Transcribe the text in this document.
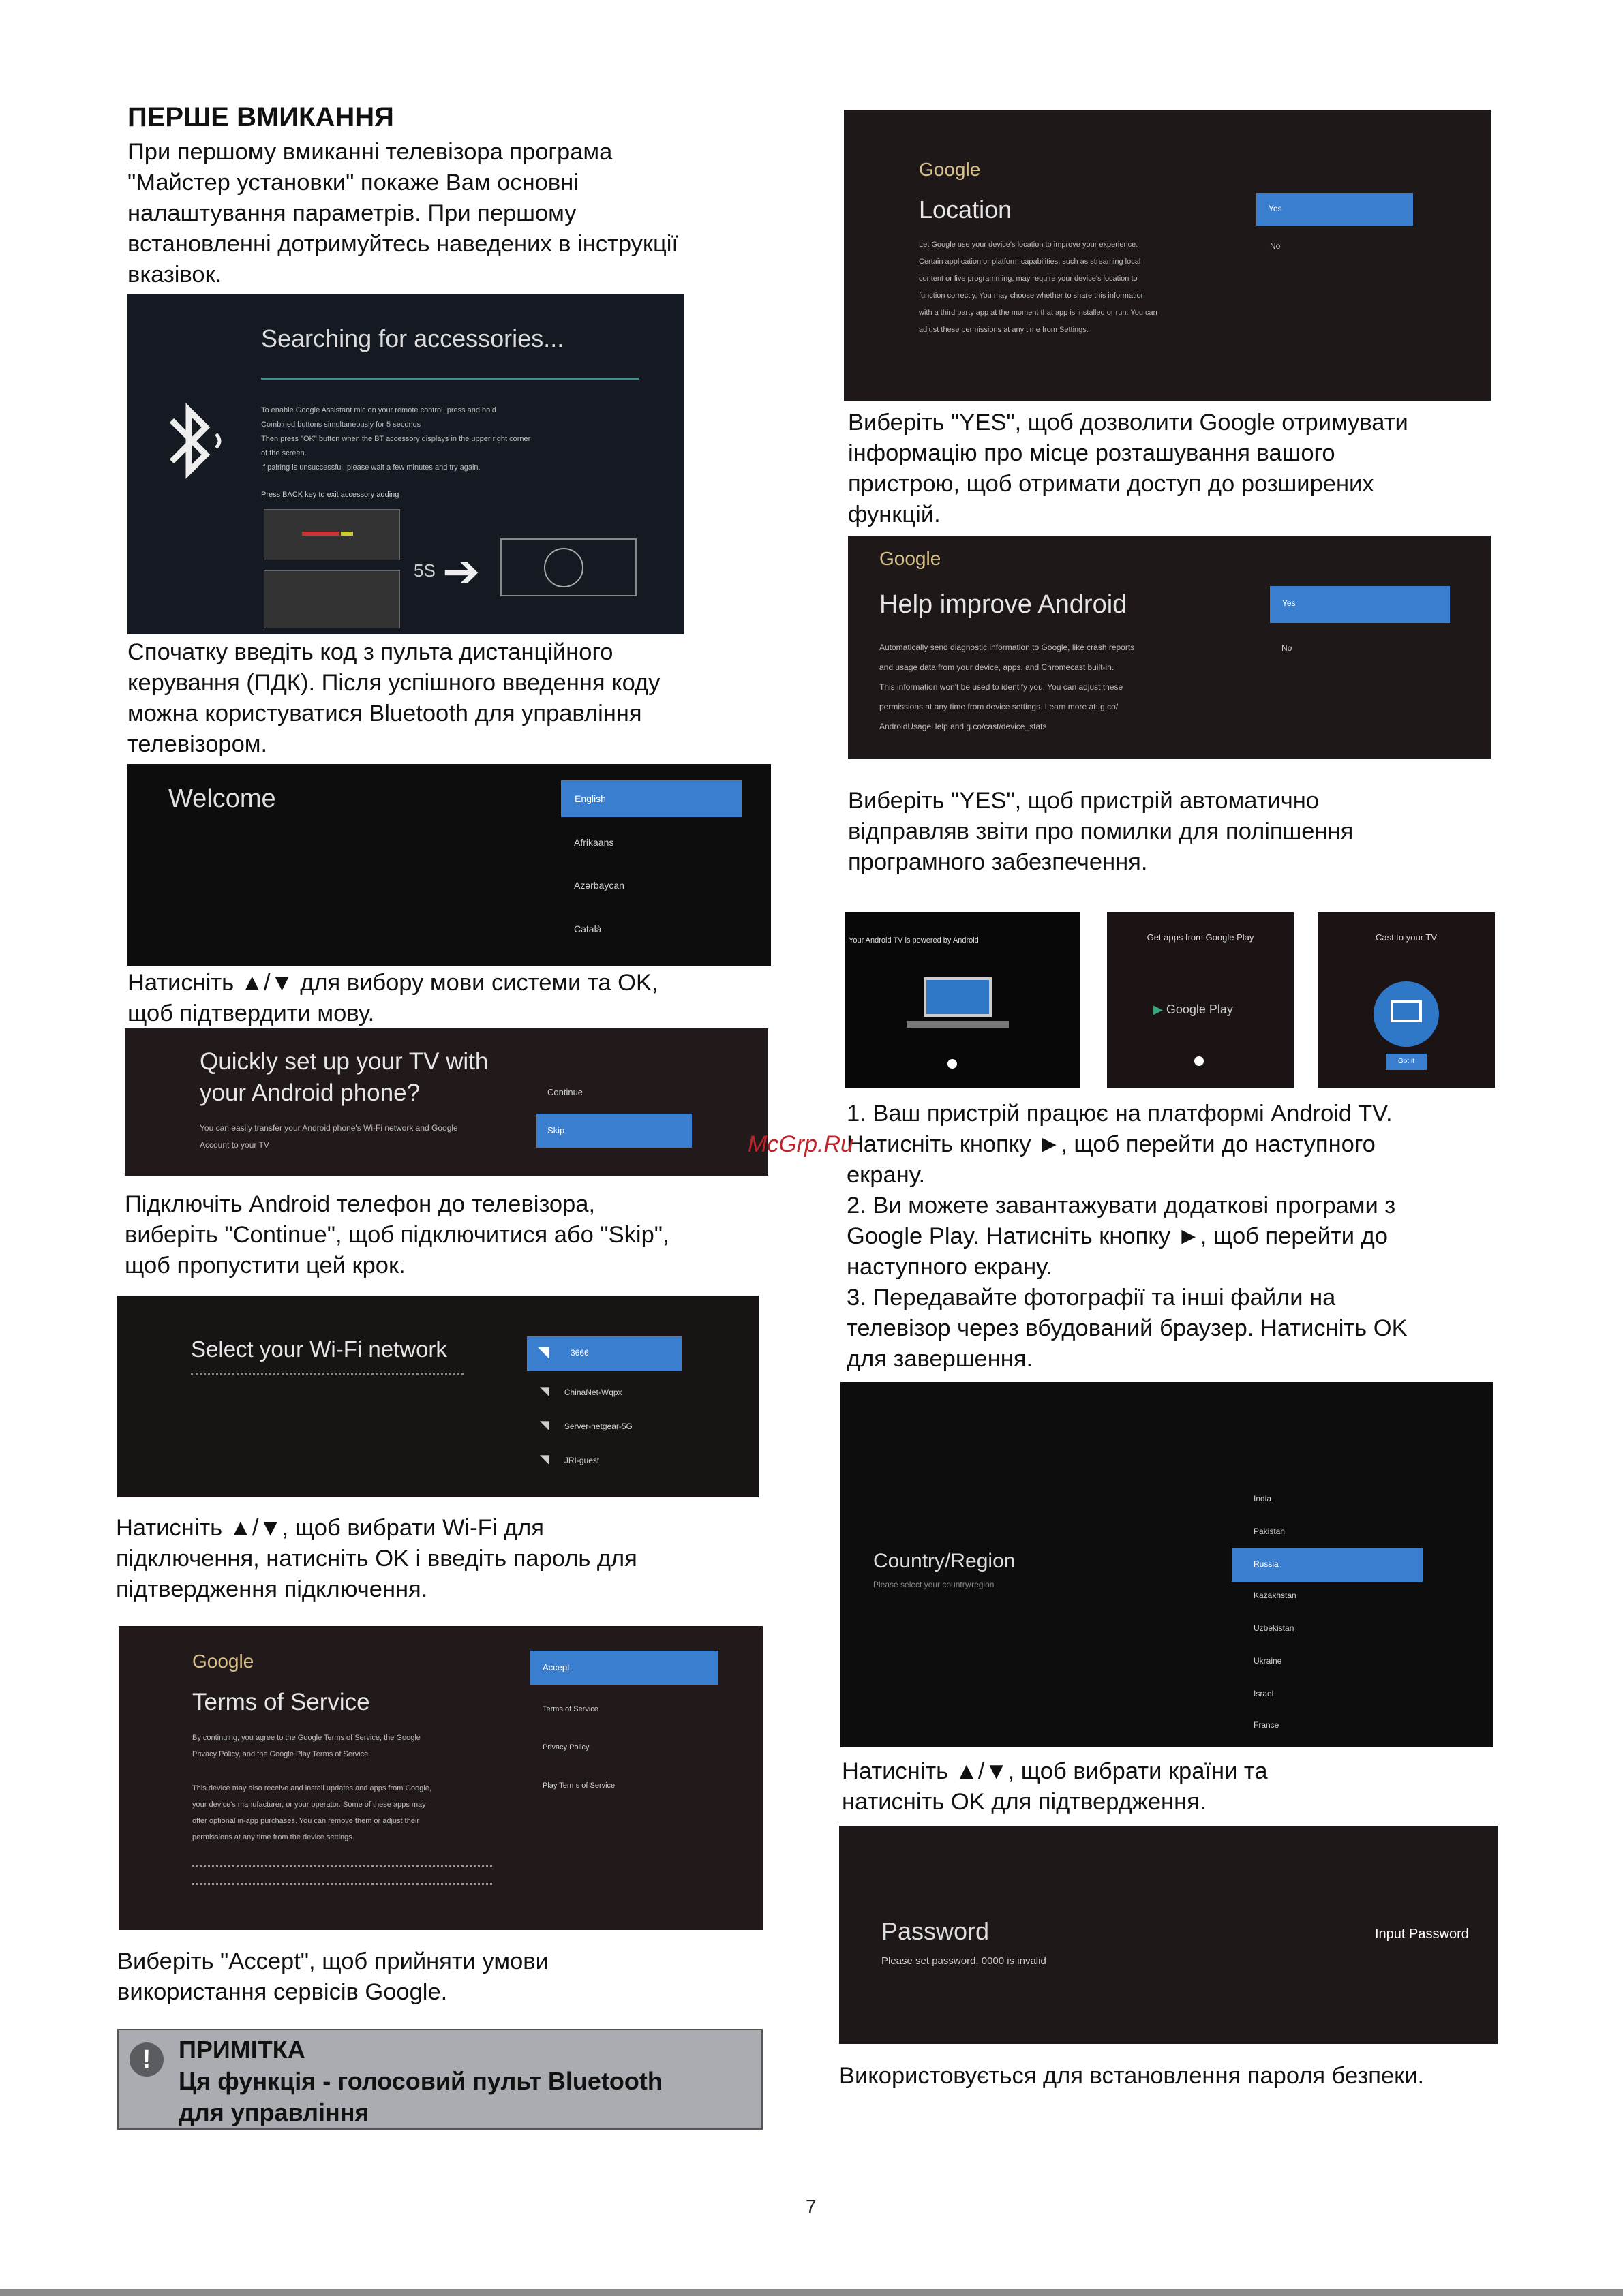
ПЕРШЕ ВМИКАННЯ
При першому вмиканні телевізора програма
"Майстер установки" покаже Вам основні
налаштування параметрів. При першому
встановленні дотримуйтесь наведених в інструкції
вказівок.
Searching for accessories...
To enable Google Assistant mic on your remote control, press and hold
Combined buttons simultaneously for 5 seconds
Then press "OK" button when the BT accessory displays in the upper right corner
of the screen.
If pairing is unsuccessful, please wait a few minutes and try again.
Press BACK key to exit accessory adding
5S ➔
Спочатку введіть код з пульта дистанційного
керування (ПДК). Після успішного введення коду
можна користуватися Bluetooth для управління
телевізором.
Welcome	English
Afrikaans
Azərbaycan
Català
Натисніть ▲/▼ для вибору мови системи та OK,
щоб підтвердити мову.
Quickly set up your TV with
your Android phone?
You can easily transfer your Android phone's Wi-Fi network and Google
Account to your TV
Continue
Skip
Підключіть Android телефон до телевізора,
виберіть "Continue", щоб підключитися або "Skip",
щоб пропустити цей крок.
Select your Wi-Fi network	◥	3666
◥ ChinaNet-Wqpx
◥ Server-netgear-5G
◥ JRI-guest
Натисніть ▲/▼, щоб вибрати Wi-Fi для
підключення, натисніть OK і введіть пароль для
підтвердження підключення.
Google
Terms of Service
By continuing, you agree to the Google Terms of Service, the Google
Privacy Policy, and the Google Play Terms of Service.
This device may also receive and install updates and apps from Google,
your device's manufacturer, or your operator. Some of these apps may
offer optional in-app purchases. You can remove them or adjust their
permissions at any time from the device settings.
Accept
Terms of Service
Privacy Policy
Play Terms of Service
Виберіть "Accept", щоб прийняти умови
використання сервісів Google.
!	ПРИМІТКА
Ця функція - голосовий пульт Bluetooth
для управління
Google
Location
Let Google use your device's location to improve your experience.
Certain application or platform capabilities, such as streaming local
content or live programming, may require your device's location to
function correctly. You may choose whether to share this information
with a third party app at the moment that app is installed or run. You can
adjust these permissions at any time from Settings.
Yes
No
Виберіть "YES", щоб дозволити Google отримувати
інформацію про місце розташування вашого
пристрою, щоб отримати доступ до розширених
функцій.
Google
Help improve Android
Automatically send diagnostic information to Google, like crash reports
and usage data from your device, apps, and Chromecast built-in.
This information won't be used to identify you. You can adjust these
permissions at any time from device settings. Learn more at: g.co/
AndroidUsageHelp and g.co/cast/device_stats
Yes
No
Виберіть "YES", щоб пристрій автоматично
відправляв звіти про помилки для поліпшення
програмного забезпечення.
Your Android TV is powered by Android	Get apps from Google Play
▶ Google Play
Cast to your TV
Got it
1. Ваш пристрій працює на платформі Android TV.
Натисніть кнопку ►, щоб перейти до наступного
екрану.
2. Ви можете завантажувати додаткові програми з
Google Play. Натисніть кнопку ►, щоб перейти до
наступного екрану.
3. Передавайте фотографії та інші файли на
телевізор через вбудований браузер. Натисніть OK
для завершення.
Country/Region
Please select your country/region
India
Pakistan
Russia
Kazakhstan
Uzbekistan
Ukraine
Israel
France
Натисніть ▲/▼, щоб вибрати країни та
натисніть OK для підтвердження.
Password
Please set password. 0000 is invalid
Input Password
Використовується для встановлення пароля безпеки.
McGrp.Ru
7
